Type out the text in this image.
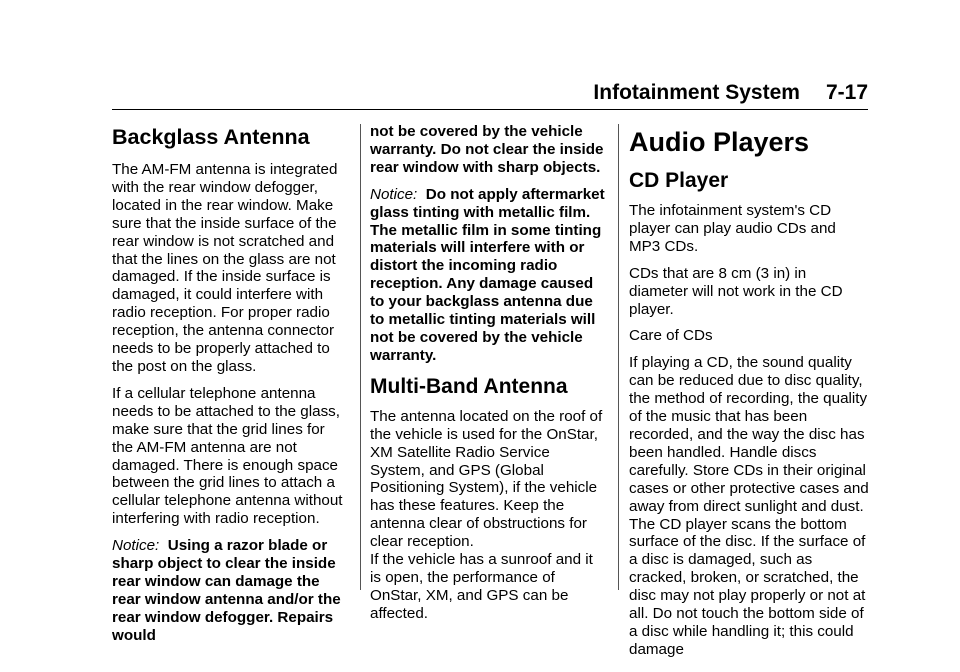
Infotainment System 7-17
Backglass Antenna

The AM-FM antenna is integrated with the rear window defogger, located in the rear window. Make sure that the inside surface of the rear window is not scratched and that the lines on the glass are not damaged. If the inside surface is damaged, it could interfere with radio reception. For proper radio reception, the antenna connector needs to be properly attached to the post on the glass.

If a cellular telephone antenna needs to be attached to the glass, make sure that the grid lines for the AM-FM antenna are not damaged. There is enough space between the grid lines to attach a cellular telephone antenna without interfering with radio reception.

Notice: Using a razor blade or sharp object to clear the inside rear window can damage the rear window antenna and/or the rear window defogger. Repairs would

not be covered by the vehicle warranty. Do not clear the inside rear window with sharp objects.

Notice: Do not apply aftermarket glass tinting with metallic film. The metallic film in some tinting materials will interfere with or distort the incoming radio reception. Any damage caused to your backglass antenna due to metallic tinting materials will not be covered by the vehicle warranty.

Multi-Band Antenna

The antenna located on the roof of the vehicle is used for the OnStar, XM Satellite Radio Service System, and GPS (Global Positioning System), if the vehicle has these features. Keep the antenna clear of obstructions for clear reception.

If the vehicle has a sunroof and it is open, the performance of OnStar, XM, and GPS can be affected.

Audio Players
CD Player

The infotainment system's CD player can play audio CDs and MP3 CDs.

CDs that are 8 cm (3 in) in diameter will not work in the CD player.

Care of CDs

If playing a CD, the sound quality can be reduced due to disc quality, the method of recording, the quality of the music that has been recorded, and the way the disc has been handled. Handle discs carefully. Store CDs in their original cases or other protective cases and away from direct sunlight and dust. The CD player scans the bottom surface of the disc. If the surface of a disc is damaged, such as cracked, broken, or scratched, the disc may not play properly or not at all. Do not touch the bottom side of a disc while handling it; this could damage
